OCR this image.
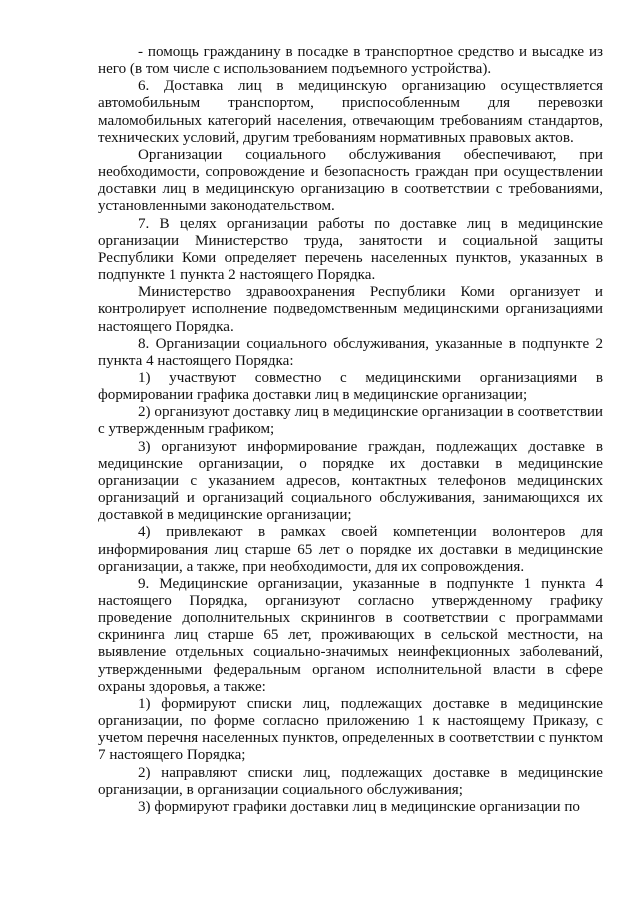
- помощь гражданину в посадке в транспортное средство и высадке из него (в том числе с использованием подъемного устройства).

6. Доставка лиц в медицинскую организацию осуществляется автомобильным транспортом, приспособленным для перевозки маломобильных категорий населения, отвечающим требованиям стандартов, технических условий, другим требованиям нормативных правовых актов.

Организации социального обслуживания обеспечивают, при необходимости, сопровождение и безопасность граждан при осуществлении доставки лиц в медицинскую организацию в соответствии с требованиями, установленными законодательством.

7. В целях организации работы по доставке лиц в медицинские организации Министерство труда, занятости и социальной защиты Республики Коми определяет перечень населенных пунктов, указанных в подпункте 1 пункта 2 настоящего Порядка.

Министерство здравоохранения Республики Коми организует и контролирует исполнение подведомственным медицинскими организациями настоящего Порядка.

8. Организации социального обслуживания, указанные в подпункте 2 пункта 4 настоящего Порядка:

1) участвуют совместно с медицинскими организациями в формировании графика доставки лиц в медицинские организации;

2) организуют доставку лиц в медицинские организации в соответствии с утвержденным графиком;

3) организуют информирование граждан, подлежащих доставке в медицинские организации, о порядке их доставки в медицинские организации с указанием адресов, контактных телефонов медицинских организаций и организаций социального обслуживания, занимающихся их доставкой в медицинские организации;

4) привлекают в рамках своей компетенции волонтеров для информирования лиц старше 65 лет о порядке их доставки в медицинские организации, а также, при необходимости, для их сопровождения.

9. Медицинские организации, указанные в подпункте 1 пункта 4 настоящего Порядка, организуют согласно утвержденному графику проведение дополнительных скринингов в соответствии с программами скрининга лиц старше 65 лет, проживающих в сельской местности, на выявление отдельных социально-значимых неинфекционных заболеваний, утвержденными федеральным органом исполнительной власти в сфере охраны здоровья, а также:

1) формируют списки лиц, подлежащих доставке в медицинские организации, по форме согласно приложению 1 к настоящему Приказу, с учетом перечня населенных пунктов, определенных в соответствии с пунктом 7 настоящего Порядка;

2) направляют списки лиц, подлежащих доставке в медицинские организации, в организации социального обслуживания;

3) формируют графики доставки лиц в медицинские организации по
